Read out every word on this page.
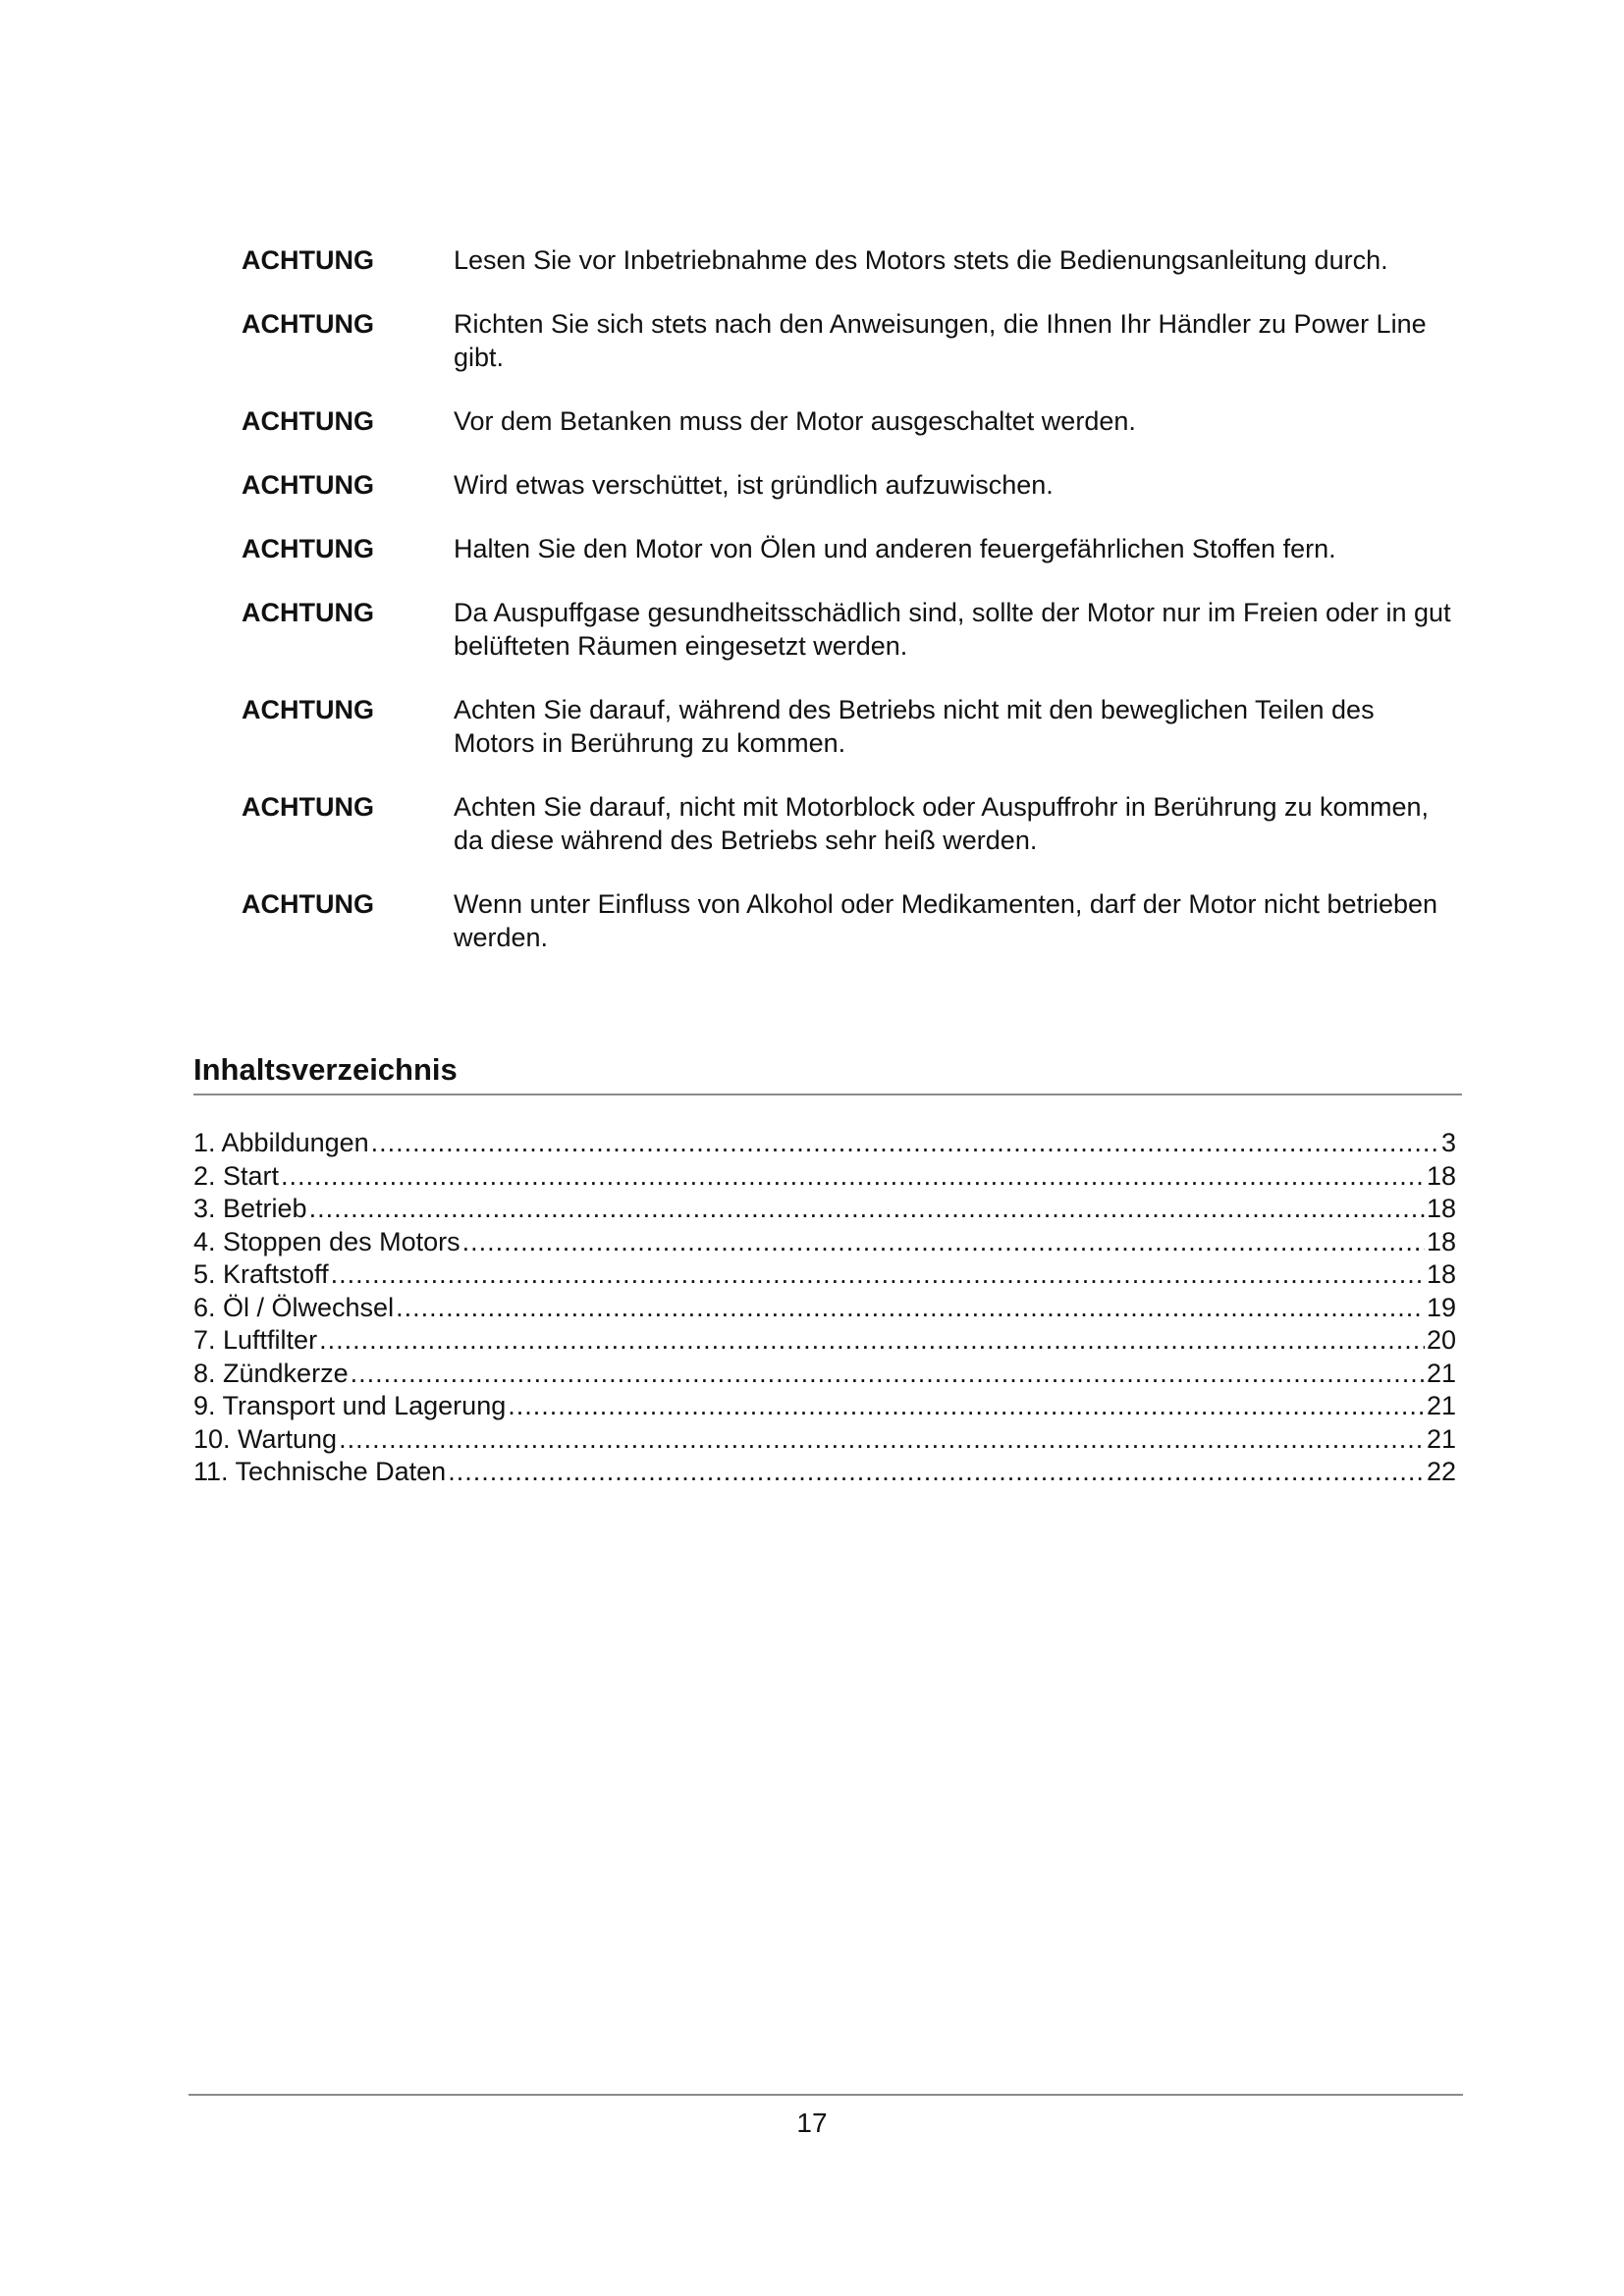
ACHTUNG	Lesen Sie vor Inbetriebnahme des Motors stets die Bedienungsanleitung durch.
ACHTUNG	Richten Sie sich stets nach den Anweisungen, die Ihnen Ihr Händler zu Power Line gibt.
ACHTUNG	Vor dem Betanken muss der Motor ausgeschaltet werden.
ACHTUNG	Wird etwas verschüttet, ist gründlich aufzuwischen.
ACHTUNG	Halten Sie den Motor von Ölen und anderen feuergefährlichen Stoffen fern.
ACHTUNG	Da Auspuffgase gesundheitsschädlich sind, sollte der Motor nur im Freien oder in gut belüfteten Räumen eingesetzt werden.
ACHTUNG	Achten Sie darauf, während des Betriebs nicht mit den beweglichen Teilen des Motors in Berührung zu kommen.
ACHTUNG	Achten Sie darauf, nicht mit Motorblock oder Auspuffrohr in Berührung zu kommen, da diese während des Betriebs sehr heiß werden.
ACHTUNG	Wenn unter Einfluss von Alkohol oder Medikamenten, darf der Motor nicht betrieben werden.
Inhaltsverzeichnis
1. Abbildungen .....	3
2. Start .....	18
3. Betrieb .....	18
4. Stoppen des Motors .....	18
5. Kraftstoff .....	18
6. Öl / Ölwechsel .....	19
7. Luftfilter .....	20
8. Zündkerze .....	21
9. Transport und Lagerung .....	21
10. Wartung .....	21
11. Technische Daten .....	22
17
